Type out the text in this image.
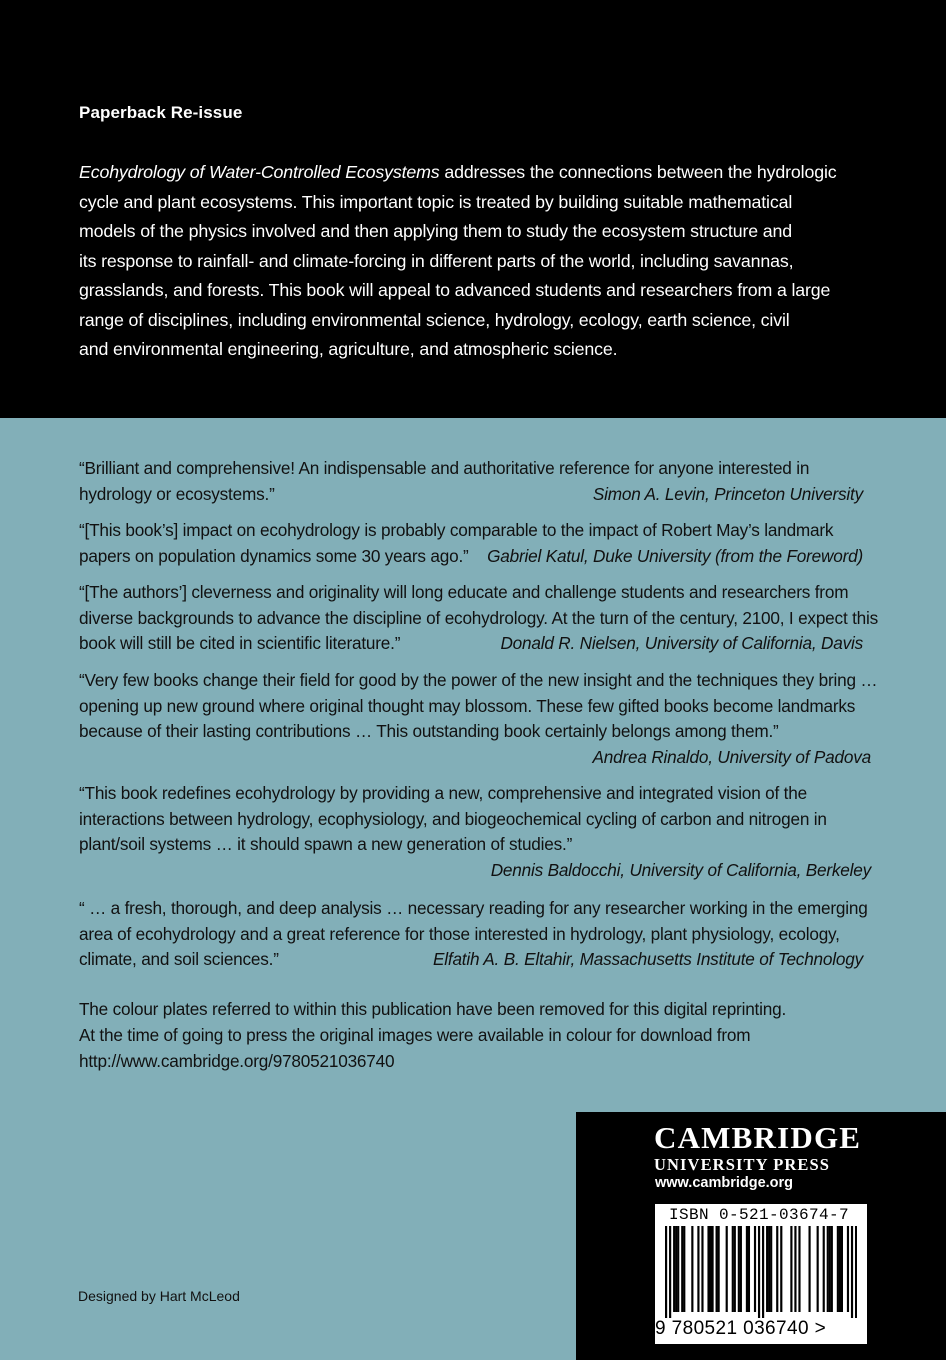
Paperback Re-issue
Ecohydrology of Water-Controlled Ecosystems addresses the connections between the hydrologic
cycle and plant ecosystems. This important topic is treated by building suitable mathematical
models of the physics involved and then applying them to study the ecosystem structure and
its response to rainfall- and climate-forcing in different parts of the world, including savannas,
grasslands, and forests. This book will appeal to advanced students and researchers from a large
range of disciplines, including environmental science, hydrology, ecology, earth science, civil
and environmental engineering, agriculture, and atmospheric science.
“Brilliant and comprehensive! An indispensable and authoritative reference for anyone interested in
hydrology or ecosystems.”	Simon A. Levin, Princeton University
“[This book’s] impact on ecohydrology is probably comparable to the impact of Robert May’s landmark
papers on population dynamics some 30 years ago.” Gabriel Katul, Duke University (from the Foreword)
“[The authors’] cleverness and originality will long educate and challenge students and researchers from
diverse backgrounds to advance the discipline of ecohydrology. At the turn of the century, 2100, I expect this
book will still be cited in scientific literature.”	Donald R. Nielsen, University of California, Davis
“Very few books change their field for good by the power of the new insight and the techniques they bring …
opening up new ground where original thought may blossom. These few gifted books become landmarks
because of their lasting contributions … This outstanding book certainly belongs among them.”
Andrea Rinaldo, University of Padova
“This book redefines ecohydrology by providing a new, comprehensive and integrated vision of the
interactions between hydrology, ecophysiology, and biogeochemical cycling of carbon and nitrogen in
plant/soil systems … it should spawn a new generation of studies.”
Dennis Baldocchi, University of California, Berkeley
“ … a fresh, thorough, and deep analysis … necessary reading for any researcher working in the emerging
area of ecohydrology and a great reference for those interested in hydrology, plant physiology, ecology,
climate, and soil sciences.”	Elfatih A. B. Eltahir, Massachusetts Institute of Technology
The colour plates referred to within this publication have been removed for this digital reprinting.
At the time of going to press the original images were available in colour for download from
http://www.cambridge.org/9780521036740
Designed by Hart McLeod
CAMBRIDGE
UNIVERSITY PRESS
www.cambridge.org
ISBN 0-521-03674-7
9 780521 036740 >
